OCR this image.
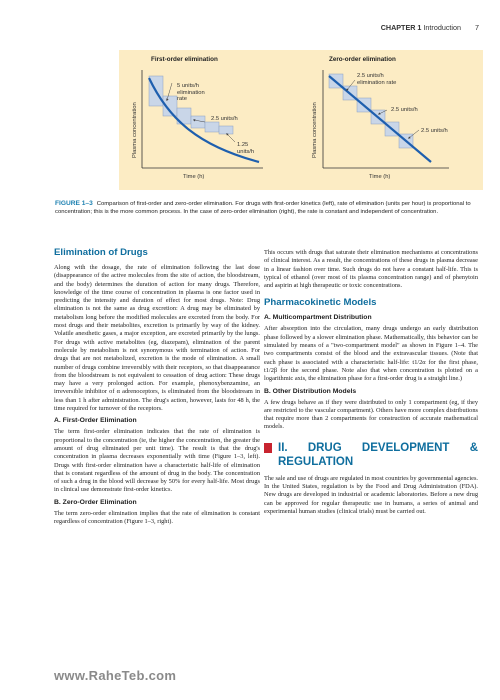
CHAPTER 1 Introduction 7
First-order elimination	Zero-order elimination
Plasma concentration	Plasma concentration
Time (h)	Time (h)
5 units/h
elimination
rate
2.5 units/h
1.25
units/h
2.5 units/h
elimination rate
2.5 units/h
2.5 units/h
FIGURE 1–3 Comparison of first-order and zero-order elimination. For drugs with first-order kinetics (left), rate of elimination (units per hour) is proportional to concentration; this is the more common process. In the case of zero-order elimination (right), the rate is constant and independent of concentration.
Elimination of Drugs

Along with the dosage, the rate of elimination following the last dose (disappearance of the active molecules from the site of action, the bloodstream, and the body) determines the duration of action for many drugs. Therefore, knowledge of the time course of concentration in plasma is one factor used in predicting the intensity and duration of effect for most drugs. Note: Drug elimination is not the same as drug excretion: A drug may be eliminated by metabolism long before the modified molecules are excreted from the body. For most drugs and their metabolites, excretion is primarily by way of the kidney. Volatile anesthetic gases, a major exception, are excreted primarily by the lungs. For drugs with active metabolites (eg, diazepam), elimination of the parent molecule by metabolism is not synonymous with termination of action. For drugs that are not metabolized, excretion is the mode of elimination. A small number of drugs combine irreversibly with their receptors, so that disappearance from the bloodstream is not equivalent to cessation of drug action: These drugs may have a very prolonged action. For example, phenoxybenzamine, an irreversible inhibitor of α adrenoceptors, is eliminated from the bloodstream in less than 1 h after administration. The drug's action, however, lasts for 48 h, the time required for turnover of the receptors.

A. First-Order Elimination

The term first-order elimination indicates that the rate of elimination is proportional to the concentration (ie, the higher the concentration, the greater the amount of drug eliminated per unit time). The result is that the drug's concentration in plasma decreases exponentially with time (Figure 1–3, left). Drugs with first-order elimination have a characteristic half-life of elimination that is constant regardless of the amount of drug in the body. The concentration of such a drug in the blood will decrease by 50% for every half-life. Most drugs in clinical use demonstrate first-order kinetics.

B. Zero-Order Elimination

The term zero-order elimination implies that the rate of elimination is constant regardless of concentration (Figure 1–3, right).

This occurs with drugs that saturate their elimination mechanisms at concentrations of clinical interest. As a result, the concentrations of these drugs in plasma decrease in a linear fashion over time. Such drugs do not have a constant half-life. This is typical of ethanol (over most of its plasma concentration range) and of phenytoin and aspirin at high therapeutic or toxic concentrations.

Pharmacokinetic Models
A. Multicompartment Distribution

After absorption into the circulation, many drugs undergo an early distribution phase followed by a slower elimination phase. Mathematically, this behavior can be simulated by means of a "two-compartment model" as shown in Figure 1–4. The two compartments consist of the blood and the extravascular tissues. (Note that each phase is associated with a characteristic half-life: t1/2α for the first phase, t1/2β for the second phase. Note also that when concentration is plotted on a logarithmic axis, the elimination phase for a first-order drug is a straight line.)

B. Other Distribution Models

A few drugs behave as if they were distributed to only 1 compartment (eg, if they are restricted to the vascular compartment). Others have more complex distributions that require more than 2 compartments for construction of accurate mathematical models.

II. DRUG DEVELOPMENT & REGULATION

The sale and use of drugs are regulated in most countries by governmental agencies. In the United States, regulation is by the Food and Drug Administration (FDA). New drugs are developed in industrial or academic laboratories. Before a new drug can be approved for regular therapeutic use in humans, a series of animal and experimental human studies (clinical trials) must be carried out.

www.RaheTeb.com
